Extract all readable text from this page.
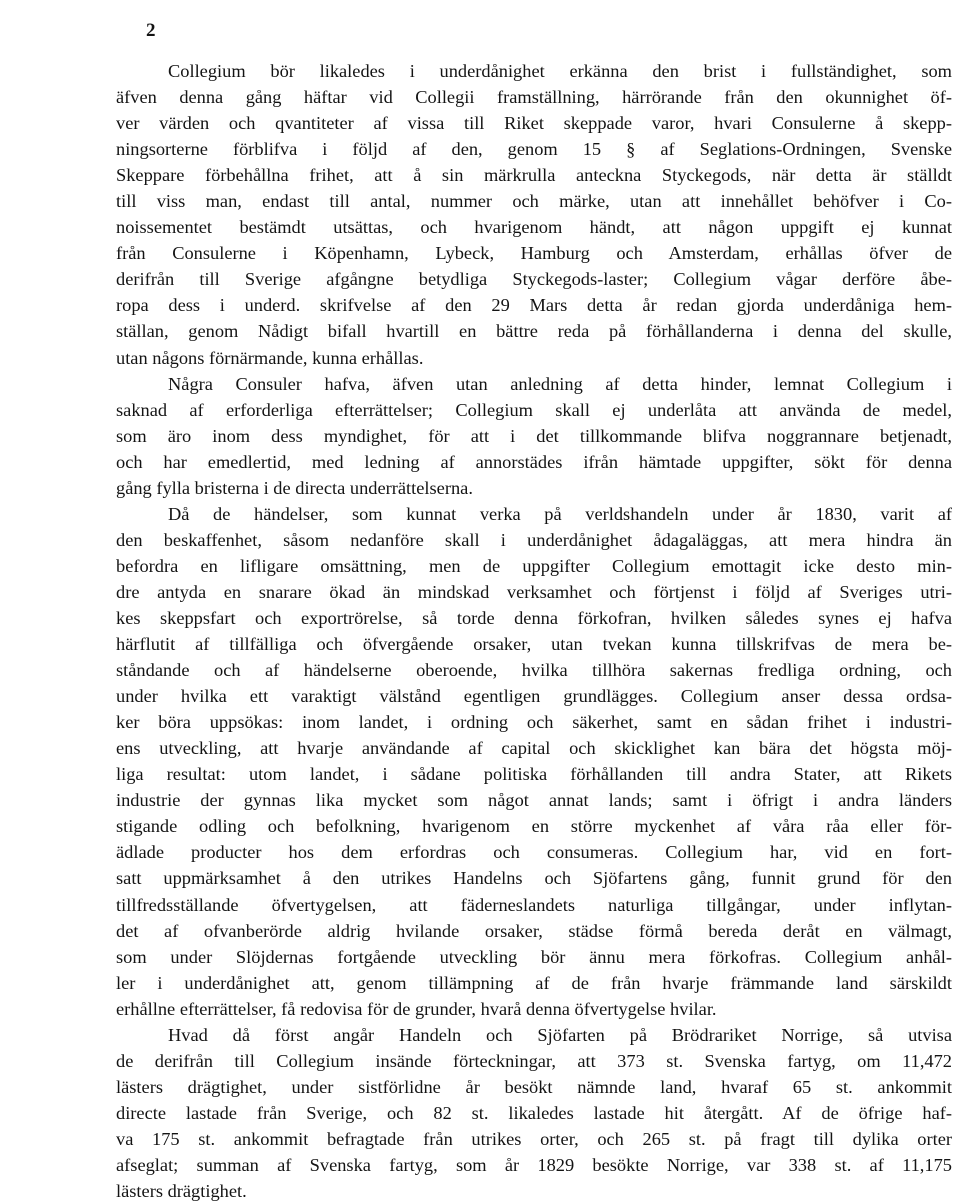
2
Collegium bör likaledes i underdånighet erkänna den brist i fullständighet, som
äfven denna gång häftar vid Collegii framställning, härrörande från den okunnighet öf-
ver värden och qvantiteter af vissa till Riket skeppade varor, hvari Consulerne å skepp-
ningsorterne förblifva i följd af den, genom 15 § af Seglations-Ordningen, Svenske
Skeppare förbehållna frihet, att å sin märkrulla anteckna Styckegods, när detta är ställdt
till viss man, endast till antal, nummer och märke, utan att innehållet behöfver i Co-
noissementet bestämdt utsättas, och hvarigenom händt, att någon uppgift ej kunnat
från Consulerne i Köpenhamn, Lybeck, Hamburg och Amsterdam, erhållas öfver de
derifrån till Sverige afgångne betydliga Styckegods-laster; Collegium vågar derföre åbe-
ropa dess i underd. skrifvelse af den 29 Mars detta år redan gjorda underdåniga hem-
ställan, genom Nådigt bifall hvartill en bättre reda på förhållanderna i denna del skulle,
utan någons förnärmande, kunna erhållas.
Några Consuler hafva, äfven utan anledning af detta hinder, lemnat Collegium i
saknad af erforderliga efterrättelser; Collegium skall ej underlåta att använda de medel,
som äro inom dess myndighet, för att i det tillkommande blifva noggrannare betjenadt,
och har emedlertid, med ledning af annorstädes ifrån hämtade uppgifter, sökt för denna
gång fylla bristerna i de directa underrättelserna.
Då de händelser, som kunnat verka på verldshandeln under år 1830, varit af
den beskaffenhet, såsom nedanföre skall i underdånighet ådagaläggas, att mera hindra än
befordra en lifligare omsättning, men de uppgifter Collegium emottagit icke desto min-
dre antyda en snarare ökad än mindskad verksamhet och förtjenst i följd af Sveriges utri-
kes skeppsfart och exportrörelse, så torde denna förkofran, hvilken således synes ej hafva
härflutit af tillfälliga och öfvergående orsaker, utan tvekan kunna tillskrifvas de mera be-
ståndande och af händelserne oberoende, hvilka tillhöra sakernas fredliga ordning, och
under hvilka ett varaktigt välstånd egentligen grundlägges. Collegium anser dessa ordsa-
ker böra uppsökas: inom landet, i ordning och säkerhet, samt en sådan frihet i industri-
ens utveckling, att hvarje användande af capital och skicklighet kan bära det högsta möj-
liga resultat: utom landet, i sådane politiska förhållanden till andra Stater, att Rikets
industrie der gynnas lika mycket som något annat lands; samt i öfrigt i andra länders
stigande odling och befolkning, hvarigenom en större myckenhet af våra råa eller för-
ädlade producter hos dem erfordras och consumeras. Collegium har, vid en fort-
satt uppmärksamhet å den utrikes Handelns och Sjöfartens gång, funnit grund för den
tillfredsställande öfvertygelsen, att fäderneslandets naturliga tillgångar, under inflytan-
det af ofvanberörde aldrig hvilande orsaker, städse förmå bereda deråt en välmagt,
som under Slöjdernas fortgående utveckling bör ännu mera förkofras. Collegium anhål-
ler i underdånighet att, genom tillämpning af de från hvarje främmande land särskildt
erhållne efterrättelser, få redovisa för de grunder, hvarå denna öfvertygelse hvilar.
Hvad då först angår Handeln och Sjöfarten på Brödrariket Norrige, så utvisa
de derifrån till Collegium insände förteckningar, att 373 st. Svenska fartyg, om 11,472
lästers drägtighet, under sistförlidne år besökt nämnde land, hvaraf 65 st. ankommit
directe lastade från Sverige, och 82 st. likaledes lastade hit återgått. Af de öfrige haf-
va 175 st. ankommit befragtade från utrikes orter, och 265 st. på fragt till dylika orter
afseglat; summan af Svenska fartyg, som år 1829 besökte Norrige, var 338 st. af 11,175
lästers drägtighet.
